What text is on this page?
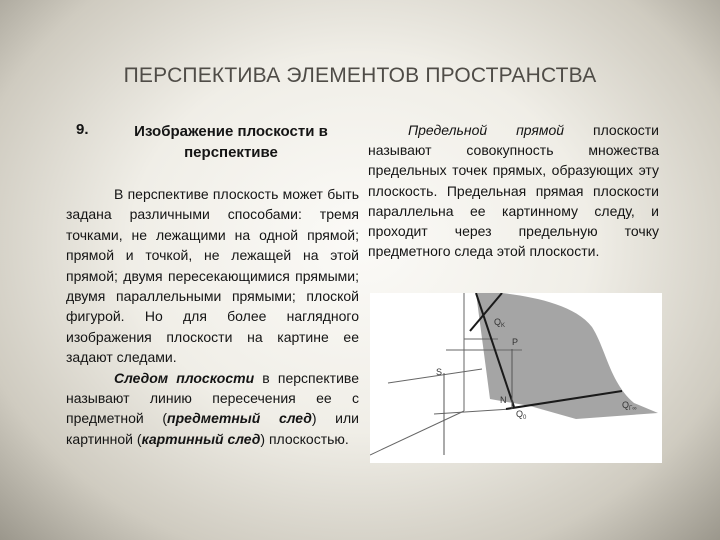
ПЕРСПЕКТИВА ЭЛЕМЕНТОВ ПРОСТРАНСТВА
9.	Изображение плоскости в
перспективе

В перспективе плоскость может быть задана различными способами: тремя точками, не лежащими на одной прямой; прямой и точкой, не лежащей на этой прямой; двумя пересекающимися прямыми; двумя параллельными прямыми; плоской фигурой. Но для более наглядного изображения плоскости на картине ее задают следами.

Следом плоскости в перспективе называют линию пересечения ее с предметной (предметный след) или картинной (картинный след) плоскостью.

Предельной прямой плоскости называют совокупность множества предельных точек прямых, образующих эту плоскость. Предельная прямая плоскости параллельна ее картинному следу, и проходит через предельную точку предметного следа этой плоскости.

$Q_K$
P
S
N
$Q_0$
$Q_{\Gamma\infty}$
